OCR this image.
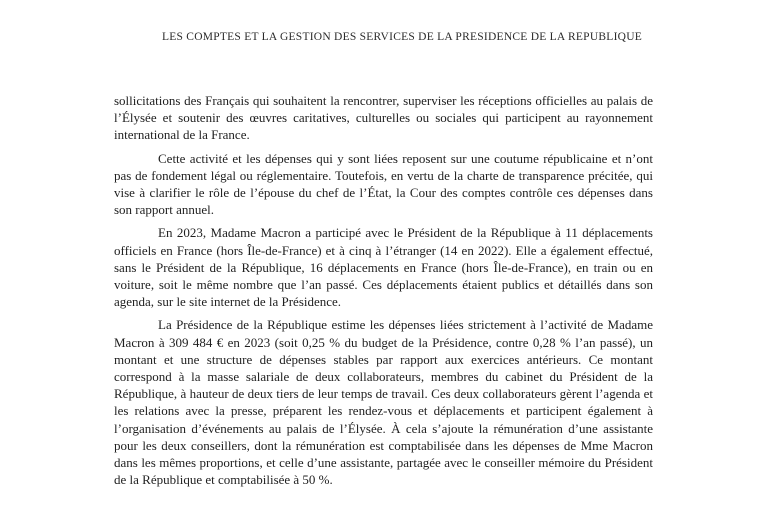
LES COMPTES ET LA GESTION DES SERVICES DE LA PRESIDENCE DE LA REPUBLIQUE

sollicitations des Français qui souhaitent la rencontrer, superviser les réceptions officielles au palais de l’Élysée et soutenir des œuvres caritatives, culturelles ou sociales qui participent au rayonnement international de la France.

Cette activité et les dépenses qui y sont liées reposent sur une coutume républicaine et n’ont pas de fondement légal ou réglementaire. Toutefois, en vertu de la charte de transparence précitée, qui vise à clarifier le rôle de l’épouse du chef de l’État, la Cour des comptes contrôle ces dépenses dans son rapport annuel.

En 2023, Madame Macron a participé avec le Président de la République à 11 déplacements officiels en France (hors Île-de-France) et à cinq à l’étranger (14 en 2022). Elle a également effectué, sans le Président de la République, 16 déplacements en France (hors Île-de-France), en train ou en voiture, soit le même nombre que l’an passé. Ces déplacements étaient publics et détaillés dans son agenda, sur le site internet de la Présidence.

La Présidence de la République estime les dépenses liées strictement à l’activité de Madame Macron à 309 484 € en 2023 (soit 0,25 % du budget de la Présidence, contre 0,28 % l’an passé), un montant et une structure de dépenses stables par rapport aux exercices antérieurs. Ce montant correspond à la masse salariale de deux collaborateurs, membres du cabinet du Président de la République, à hauteur de deux tiers de leur temps de travail. Ces deux collaborateurs gèrent l’agenda et les relations avec la presse, préparent les rendez-vous et déplacements et participent également à l’organisation d’événements au palais de l’Élysée. À cela s’ajoute la rémunération d’une assistante pour les deux conseillers, dont la rémunération est comptabilisée dans les dépenses de Mme Macron dans les mêmes proportions, et celle d’une assistante, partagée avec le conseiller mémoire du Président de la République et comptabilisée à 50 %.
